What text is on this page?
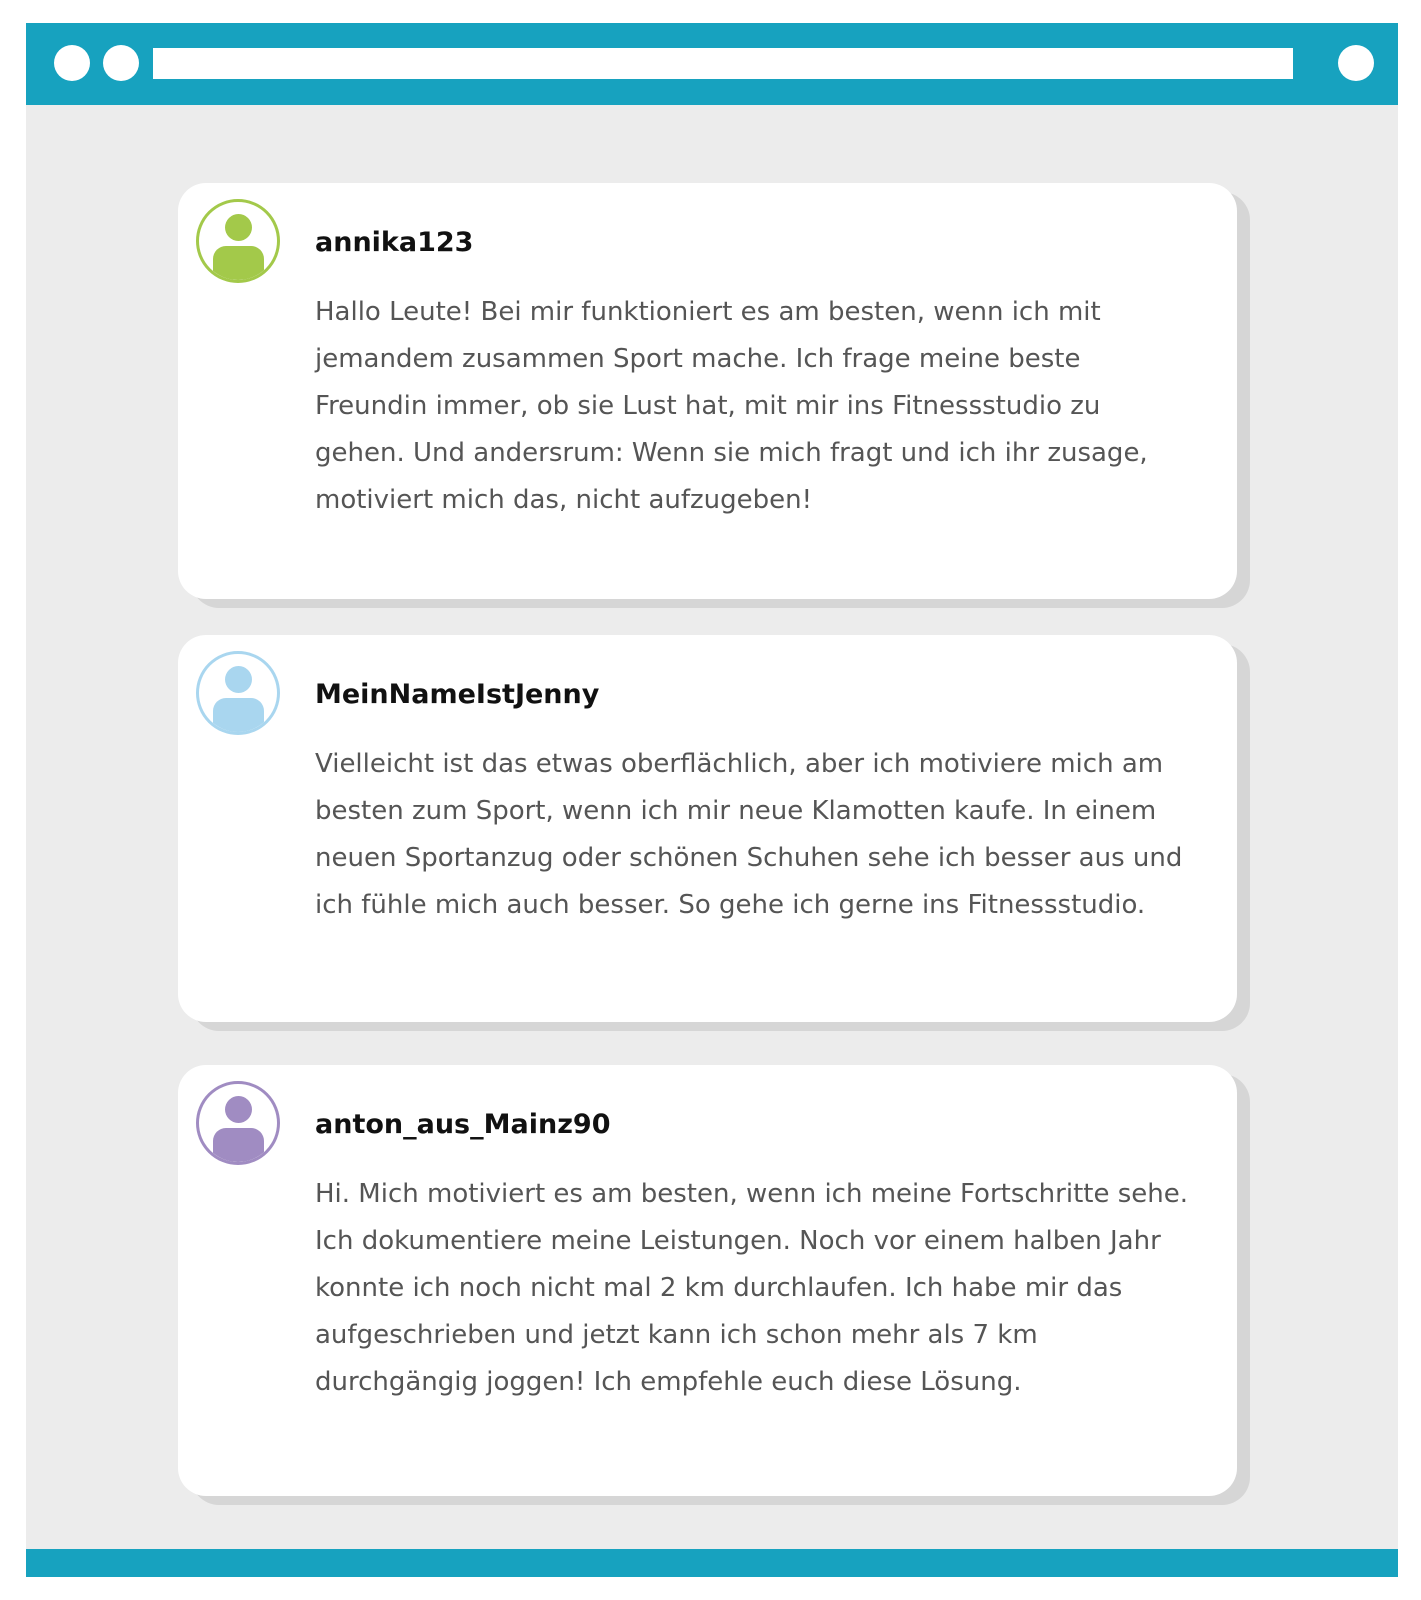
annika123

Hallo Leute! Bei mir funktioniert es am besten, wenn ich mit jemandem zusammen Sport mache. Ich frage meine beste Freundin immer, ob sie Lust hat, mit mir ins Fitnessstudio zu gehen. Und andersrum: Wenn sie mich fragt und ich ihr zusage, motiviert mich das, nicht aufzugeben!

MeinNameIstJenny

Vielleicht ist das etwas oberflächlich, aber ich motiviere mich am besten zum Sport, wenn ich mir neue Klamotten kaufe. In einem neuen Sportanzug oder schönen Schuhen sehe ich besser aus und ich fühle mich auch besser. So gehe ich gerne ins Fitnessstudio.

anton_aus_Mainz90

Hi. Mich motiviert es am besten, wenn ich meine Fortschritte sehe. Ich dokumentiere meine Leistungen. Noch vor einem halben Jahr konnte ich noch nicht mal 2 km durchlaufen. Ich habe mir das aufgeschrieben und jetzt kann ich schon mehr als 7 km durchgängig joggen! Ich empfehle euch diese Lösung.
